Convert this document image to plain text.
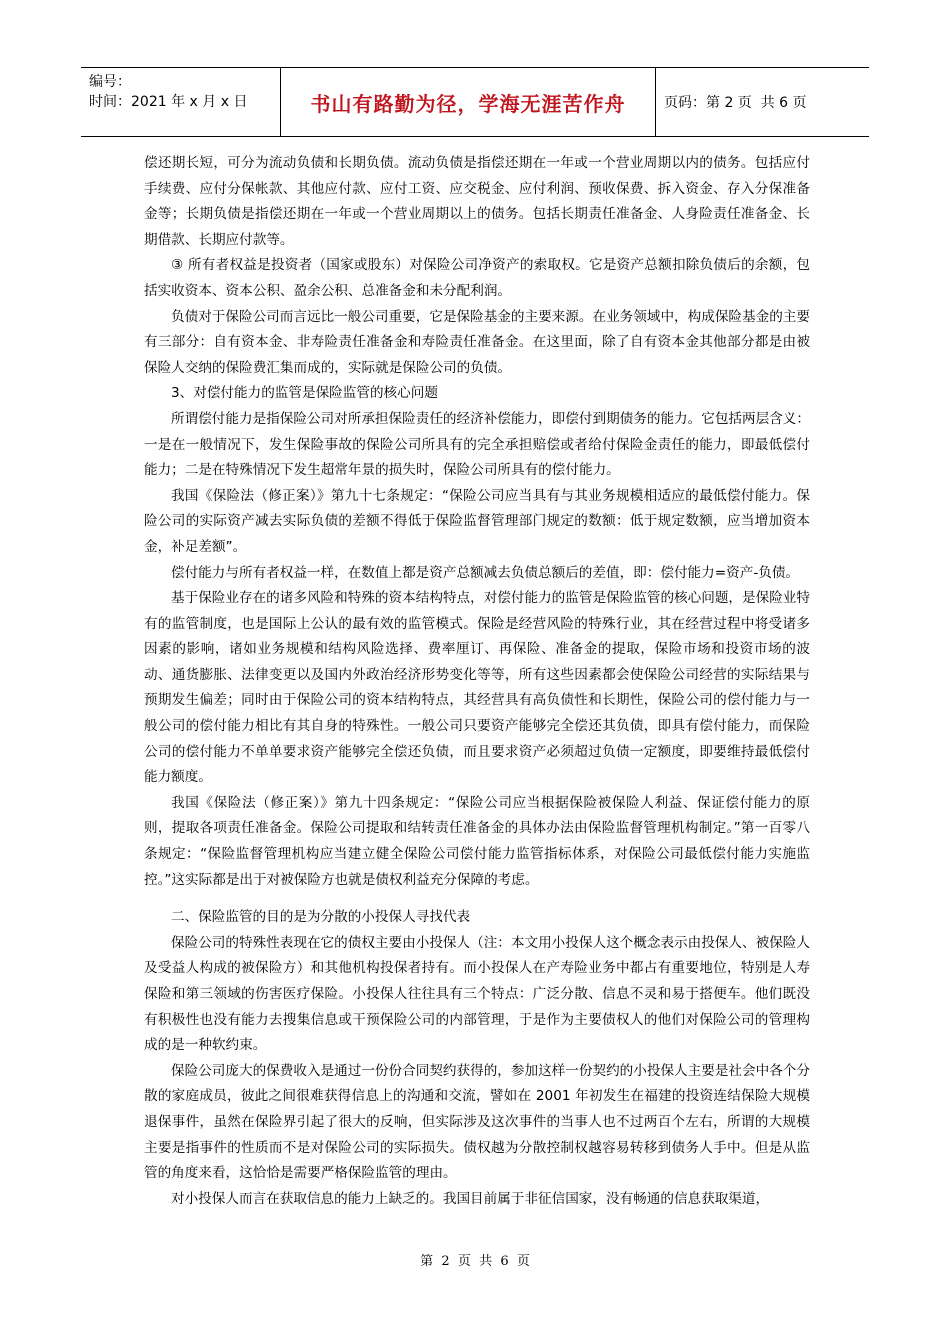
编号：
时间：2021 年 x 月 x 日	书山有路勤为径，学海无涯苦作舟	页码：第 2 页  共 6 页

偿还期长短，可分为流动负债和长期负债。流动负债是指偿还期在一年或一个营业周期以内的债务。包括应付手续费、应付分保帐款、其他应付款、应付工资、应交税金、应付利润、预收保费、拆入资金、存入分保准备金等；长期负债是指偿还期在一年或一个营业周期以上的债务。包括长期责任准备金、人身险责任准备金、长期借款、长期应付款等。

③ 所有者权益是投资者（国家或股东）对保险公司净资产的索取权。它是资产总额扣除负债后的余额，包括实收资本、资本公积、盈余公积、总准备金和未分配利润。

负债对于保险公司而言远比一般公司重要，它是保险基金的主要来源。在业务领域中，构成保险基金的主要有三部分：自有资本金、非寿险责任准备金和寿险责任准备金。在这里面，除了自有资本金其他部分都是由被保险人交纳的保险费汇集而成的，实际就是保险公司的负债。

3、对偿付能力的监管是保险监管的核心问题

所谓偿付能力是指保险公司对所承担保险责任的经济补偿能力，即偿付到期债务的能力。它包括两层含义：一是在一般情况下，发生保险事故的保险公司所具有的完全承担赔偿或者给付保险金责任的能力，即最低偿付能力；二是在特殊情况下发生超常年景的损失时，保险公司所具有的偿付能力。

我国《保险法（修正案）》第九十七条规定：“保险公司应当具有与其业务规模相适应的最低偿付能力。保险公司的实际资产减去实际负债的差额不得低于保险监督管理部门规定的数额：低于规定数额，应当增加资本金，补足差额”。

偿付能力与所有者权益一样，在数值上都是资产总额减去负债总额后的差值，即：偿付能力=资产-负债。

基于保险业存在的诸多风险和特殊的资本结构特点，对偿付能力的监管是保险监管的核心问题，是保险业特有的监管制度，也是国际上公认的最有效的监管模式。保险是经营风险的特殊行业，其在经营过程中将受诸多因素的影响，诸如业务规模和结构风险选择、费率厘订、再保险、准备金的提取，保险市场和投资市场的波动、通货膨胀、法律变更以及国内外政治经济形势变化等等，所有这些因素都会使保险公司经营的实际结果与预期发生偏差；同时由于保险公司的资本结构特点，其经营具有高负债性和长期性，保险公司的偿付能力与一般公司的偿付能力相比有其自身的特殊性。一般公司只要资产能够完全偿还其负债，即具有偿付能力，而保险公司的偿付能力不单单要求资产能够完全偿还负债，而且要求资产必须超过负债一定额度，即要维持最低偿付能力额度。

我国《保险法（修正案）》第九十四条规定：“保险公司应当根据保险被保险人利益、保证偿付能力的原则，提取各项责任准备金。保险公司提取和结转责任准备金的具体办法由保险监督管理机构制定。”第一百零八条规定：“保险监督管理机构应当建立健全保险公司偿付能力监管指标体系，对保险公司最低偿付能力实施监控。”这实际都是出于对被保险方也就是债权利益充分保障的考虑。

二、保险监管的目的是为分散的小投保人寻找代表

保险公司的特殊性表现在它的债权主要由小投保人（注：本文用小投保人这个概念表示由投保人、被保险人及受益人构成的被保险方）和其他机构投保者持有。而小投保人在产寿险业务中都占有重要地位，特别是人寿保险和第三领域的伤害医疗保险。小投保人往往具有三个特点：广泛分散、信息不灵和易于搭便车。他们既没有积极性也没有能力去搜集信息或干预保险公司的内部管理，于是作为主要债权人的他们对保险公司的管理构成的是一种软约束。

保险公司庞大的保费收入是通过一份份合同契约获得的，参加这样一份契约的小投保人主要是社会中各个分散的家庭成员，彼此之间很难获得信息上的沟通和交流，譬如在 2001 年初发生在福建的投资连结保险大规模退保事件，虽然在保险界引起了很大的反响，但实际涉及这次事件的当事人也不过两百个左右，所谓的大规模主要是指事件的性质而不是对保险公司的实际损失。债权越为分散控制权越容易转移到债务人手中。但是从监管的角度来看，这恰恰是需要严格保险监管的理由。

对小投保人而言在获取信息的能力上缺乏的。我国目前属于非征信国家，没有畅通的信息获取渠道，

第  2  页  共  6  页
